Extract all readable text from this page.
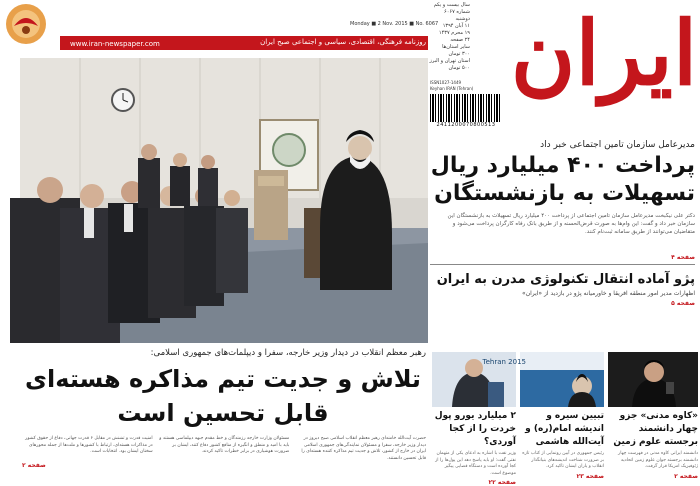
Monday ■ 2 Nov. 2015 ■ No. 6067
www.iran-newspaper.com	روزنامه فرهنگی، اقتصادی، سیاسی و اجتماعی صبح ایران
سال بیست و یکم
شماره ۶۰۶۷
دوشنبه
۱۱ آبان ۱۳۹۴
۱۹ محرم ۱۴۳۷
۲۴ صفحه
سایر استان‌ها
۳۰۰ تومان
استان تهران و البرز
۵۰۰ تومان ایران
ISSN1027-1449
Keyhan IRAN (Tehran)
2411200070800513
رهبر معظم انقلاب در دیدار وزیر خارجه، سفرا و دیپلمات‌های جمهوری اسلامی:
تلاش و جدیت تیم مذاکره هسته‌ای
قابل تحسین است
حضرت آیت‌الله خامنه‌ای رهبر معظم انقلاب اسلامی صبح دیروز در دیدار وزیر خارجه، سفرا و مسئولان نمایندگی‌های جمهوری اسلامی ایران در خارج از کشور، تلاش و جدیت تیم مذاکره کننده هسته‌ای را قابل تحسین دانستند.
مسئولان وزارت خارجه رزمندگان و خط مقدم جبهه دیپلماسی هستند و باید با امید و منطق و انگیزه از منافع کشور دفاع کنند، ایشان بر ضرورت هوشیاری در برابر خطرات تاکید کردند.
امنیت قدرت و تشنش در مقابل ۶ قدرت جهانی، دفاع از حقوق کشور در مذاکرات هسته‌ای، ارتباط با کشورها و ملت‌ها از جمله محورهای سخنان ایشان بود. انتخابات است.
صفحه ۲
مدیرعامل سازمان تامین اجتماعی خبر داد
پرداخت ۴۰۰ میلیارد ریال
تسهیلات به بازنشستگان
دکتر علی نیکبخت مدیرعامل سازمان تامین اجتماعی از پرداخت ۴۰۰ میلیارد ریال تسهیلات به بازنشستگان این سازمان خبر داد و گفت: این وام‌ها به صورت قرض‌الحسنه و از طریق بانک رفاه کارگران پرداخت می‌شود و متقاضیان می‌توانند از طریق سامانه ثبت‌نام کنند.
صفحه ۴
پژو آماده انتقال تکنولوژی مدرن به ایران
اظهارات مدیر امور منطقه افریقا و خاورمیانه پژو در بازدید از «ایران»
صفحه ۵
۲ میلیارد یورو پول خردت را از کجا آوردی؟
وزیر نفت با اشاره به ادعای یکی از متهمان نفتی گفت: او باید پاسخ دهد این پول‌ها را از کجا آورده است و دستگاه قضایی پیگیر موضوع است.
صفحه ۲۲
Tehran 2015
تبیین سیره و اندیشه امام(ره) و آیت‌الله هاشمی
رئیس جمهوری در آیین رونمایی از کتاب تازه بر ضرورت شناخت اندیشه‌های بنیانگذار انقلاب و یاران ایشان تاکید کرد.
صفحه ۲۳
«کاوه مدنی» جزو چهار دانشمند برجسته علوم زمین
دانشمند ایرانی کاوه مدنی در فهرست چهار دانشمند برجسته جوان علوم زمین اتحادیه ژئوفیزیک امریکا قرار گرفت.
صفحه ۲
